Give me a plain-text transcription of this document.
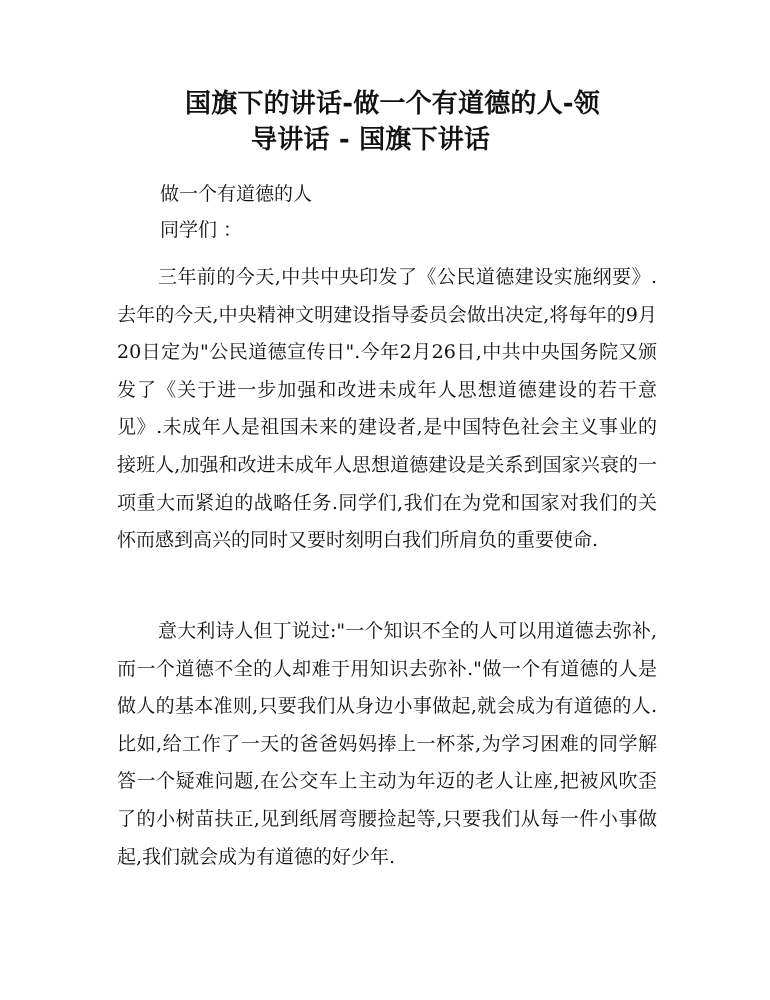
国旗下的讲话-做一个有道德的人-领
导讲话 - 国旗下讲话
做一个有道德的人
同学们 ：

三年前的今天,中共中央印发了《公民道德建设实施纲要》.去年的今天,中央精神文明建设指导委员会做出决定,将每年的9月20日定为"公民道德宣传日".今年2月26日,中共中央国务院又颁发了《关于进一步加强和改进未成年人思想道德建设的若干意见》.未成年人是祖国未来的建设者,是中国特色社会主义事业的接班人,加强和改进未成年人思想道德建设是关系到国家兴衰的一项重大而紧迫的战略任务.同学们,我们在为党和国家对我们的关怀而感到高兴的同时又要时刻明白我们所肩负的重要使命.

意大利诗人但丁说过:"一个知识不全的人可以用道德去弥补,而一个道德不全的人却难于用知识去弥补."做一个有道德的人是做人的基本准则,只要我们从身边小事做起,就会成为有道德的人.比如,给工作了一天的爸爸妈妈捧上一杯茶,为学习困难的同学解答一个疑难问题,在公交车上主动为年迈的老人让座,把被风吹歪了的小树苗扶正,见到纸屑弯腰捡起等,只要我们从每一件小事做起,我们就会成为有道德的好少年.
